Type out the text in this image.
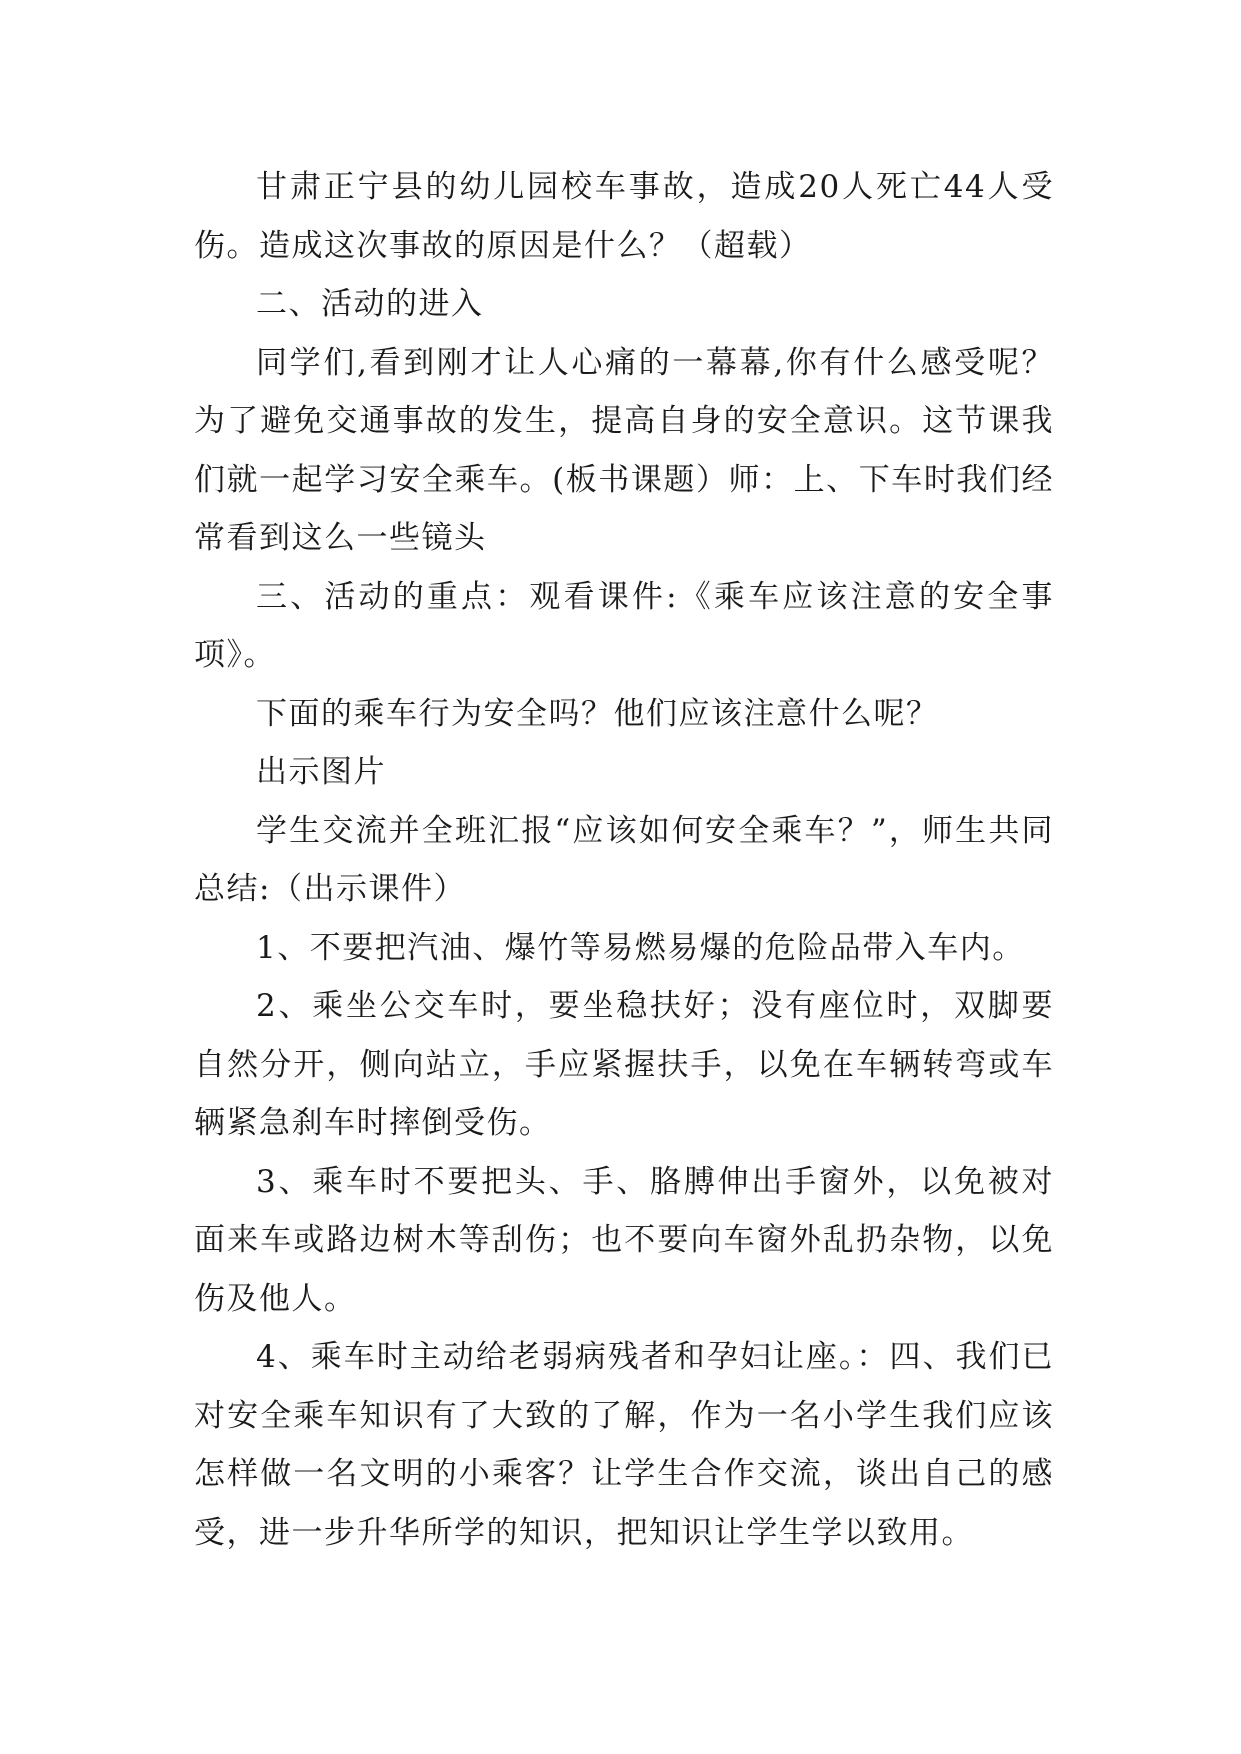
甘肃正宁县的幼儿园校车事故，造成20人死亡44人受伤。造成这次事故的原因是什么？（超载）

二、活动的进入

同学们,看到刚才让人心痛的一幕幕,你有什么感受呢？为了避免交通事故的发生，提高自身的安全意识。这节课我们就一起学习安全乘车。(板书课题）师：上、下车时我们经常看到这么一些镜头

三、活动的重点：观看课件:《乘车应该注意的安全事项》。

下面的乘车行为安全吗？他们应该注意什么呢？

出示图片

学生交流并全班汇报“应该如何安全乘车？”，师生共同总结:（出示课件）

1、不要把汽油、爆竹等易燃易爆的危险品带入车内。

2、乘坐公交车时，要坐稳扶好；没有座位时，双脚要自然分开，侧向站立，手应紧握扶手，以免在车辆转弯或车辆紧急刹车时摔倒受伤。

3、乘车时不要把头、手、胳膊伸出手窗外，以免被对面来车或路边树木等刮伤；也不要向车窗外乱扔杂物，以免伤及他人。

4、乘车时主动给老弱病残者和孕妇让座。：四、我们已对安全乘车知识有了大致的了解，作为一名小学生我们应该怎样做一名文明的小乘客？让学生合作交流，谈出自己的感受，进一步升华所学的知识，把知识让学生学以致用。
